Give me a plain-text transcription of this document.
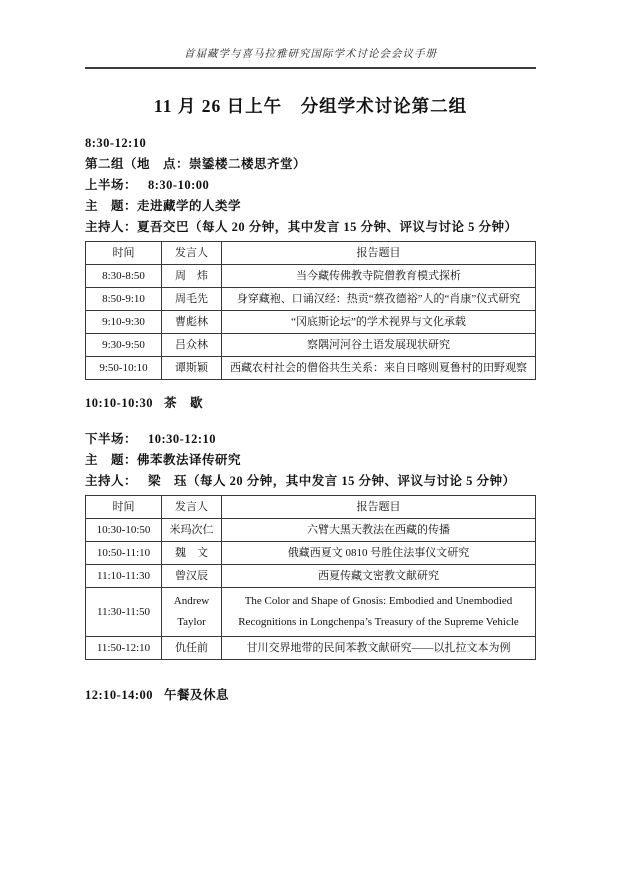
首届藏学与喜马拉雅研究国际学术讨论会会议手册
11 月 26 日上午　分组学术讨论第二组

8:30-12:10

第二组（地　点：崇鋈楼二楼思齐堂）

上半场： 8:30-10:00

主　题：走进藏学的人类学

主持人：夏吾交巴（每人 20 分钟，其中发言 15 分钟、评议与讨论 5 分钟）

时间	发言人	报告题目
8:30-8:50	周　炜	当今藏传佛教寺院僧教育模式探析
8:50-9:10	周毛先	身穿藏袍、口诵汉经：热贡“蔡孜德裕”人的“肖康”仪式研究
9:10-9:30	曹彪林	“冈底斯论坛”的学术视界与文化承载
9:30-9:50	吕众林	察隅河河谷土语发展现状研究
9:50-10:10	谭斯颖	西藏农村社会的僧俗共生关系：来自日喀则夏鲁村的田野观察

10:10-10:30 茶　歇

下半场： 10:30-12:10

主　题：佛苯教法译传研究

主持人： 梁　珏（每人 20 分钟，其中发言 15 分钟、评议与讨论 5 分钟）

时间	发言人	报告题目
10:30-10:50	米玛次仁	六臂大黑天教法在西藏的传播
10:50-11:10	魏　文	俄藏西夏文 0810 号胜住法事仪文研究
11:10-11:30	曾汉辰	西夏传藏文密教文献研究
11:30-11:50	Andrew Taylor	The Color and Shape of Gnosis: Embodied and Unembodied Recognitions in Longchenpa’s Treasury of the Supreme Vehicle
11:50-12:10	仇任前	甘川交界地带的民间苯教文献研究——以扎拉文本为例

12:10-14:00 午餐及休息
